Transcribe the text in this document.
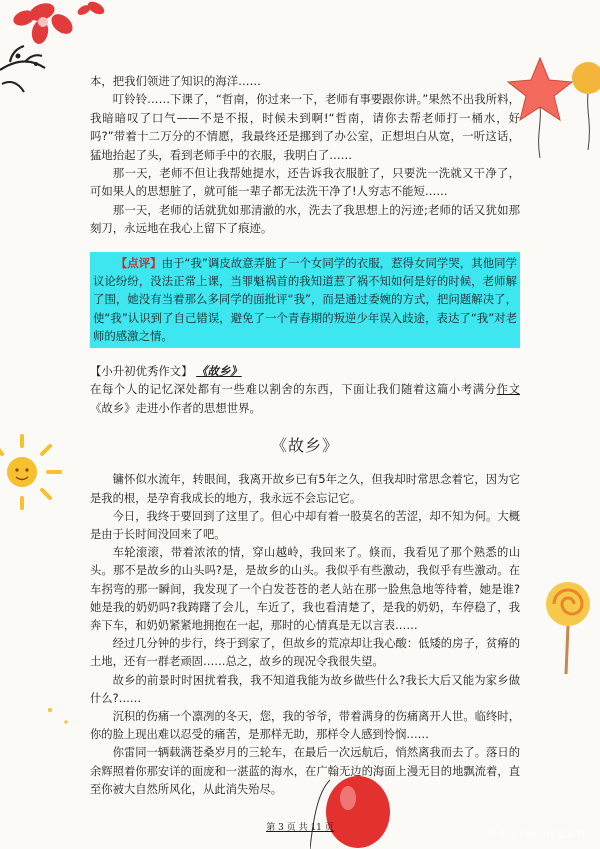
本，把我们领进了知识的海洋……

叮铃铃……下课了，“哲南，你过来一下，老师有事要跟你讲。”果然不出我所料，我暗暗叹了口气——不是不报，时候未到啊!“哲南，请你去帮老师打一桶水，好吗?”带着十二万分的不情愿，我最终还是挪到了办公室，正想坦白从宽，一听这话，猛地抬起了头，看到老师手中的衣服，我明白了……

那一天，老师不但让我帮她提水，还告诉我衣服脏了，只要洗一洗就又干净了，可如果人的思想脏了，就可能一辈子都无法洗干净了!人穷志不能短……

那一天，老师的话就犹如那清澈的水，洗去了我思想上的污迹;老师的话又犹如那刻刀，永远地在我心上留下了痕迹。

【点评】由于“我”调皮故意弄脏了一个女同学的衣服，惹得女同学哭，其他同学议论纷纷，没法正常上课，当罪魁祸首的我知道惹了祸不知如何是好的时候，老师解了围，她没有当着那么多同学的面批评“我”，而是通过委婉的方式，把问题解决了，使“我”认识到了自己错误，避免了一个青春期的叛逆少年误入歧途，表达了“我”对老师的感激之情。

【小升初优秀作文】 《故乡》

在每个人的记忆深处都有一些难以割舍的东西，下面让我们随着这篇小考满分作文《故乡》走进小作者的思想世界。

《故乡》

镛怀似水流年，转眼间，我离开故乡已有5年之久，但我却时常思念着它，因为它是我的根，是孕育我成长的地方，我永远不会忘记它。

今日，我终于要回到了这里了。但心中却有着一股莫名的苦涩，却不知为何。大概是由于长时间没回来了吧。

车轮滚滚，带着浓浓的情，穿山越岭，我回来了。倏而，我看见了那个熟悉的山头。那不是故乡的山头吗?是，是故乡的山头。我似乎有些激动，我似乎有些激动。在车拐弯的那一瞬间，我发现了一个白发苍苍的老人站在那一脸焦急地等待着，她是谁?她是我的奶奶吗?我踌躇了会儿，车近了，我也看清楚了，是我的奶奶，车停稳了，我奔下车，和奶奶紧紧地拥抱在一起，那时的心情真是无以言表……

经过几分钟的步行，终于到家了，但故乡的荒凉却让我心酸：低矮的房子，贫瘠的土地，还有一群老顽固……总之，故乡的现况令我很失望。

故乡的前景时时困扰着我，我不知道我能为故乡做些什么?我长大后又能为家乡做什么?……

沉积的伤痛一个凛冽的冬天，您，我的爷爷，带着满身的伤痛离开人世。临终时，你的脸上现出难以忍受的痛苦，是那样无助，那样令人感到怜悯……

你雷同一辆载满苍桑岁月的三轮车，在最后一次远航后，悄然离我而去了。落日的余辉照着你那安详的面庞和一湛蓝的海水，在广翰无边的海面上漫无目的地飘流着，直至你被大自然所风化，从此消失殆尽。

第 3 页 共 11 页
头条号 / 原创作文素材
